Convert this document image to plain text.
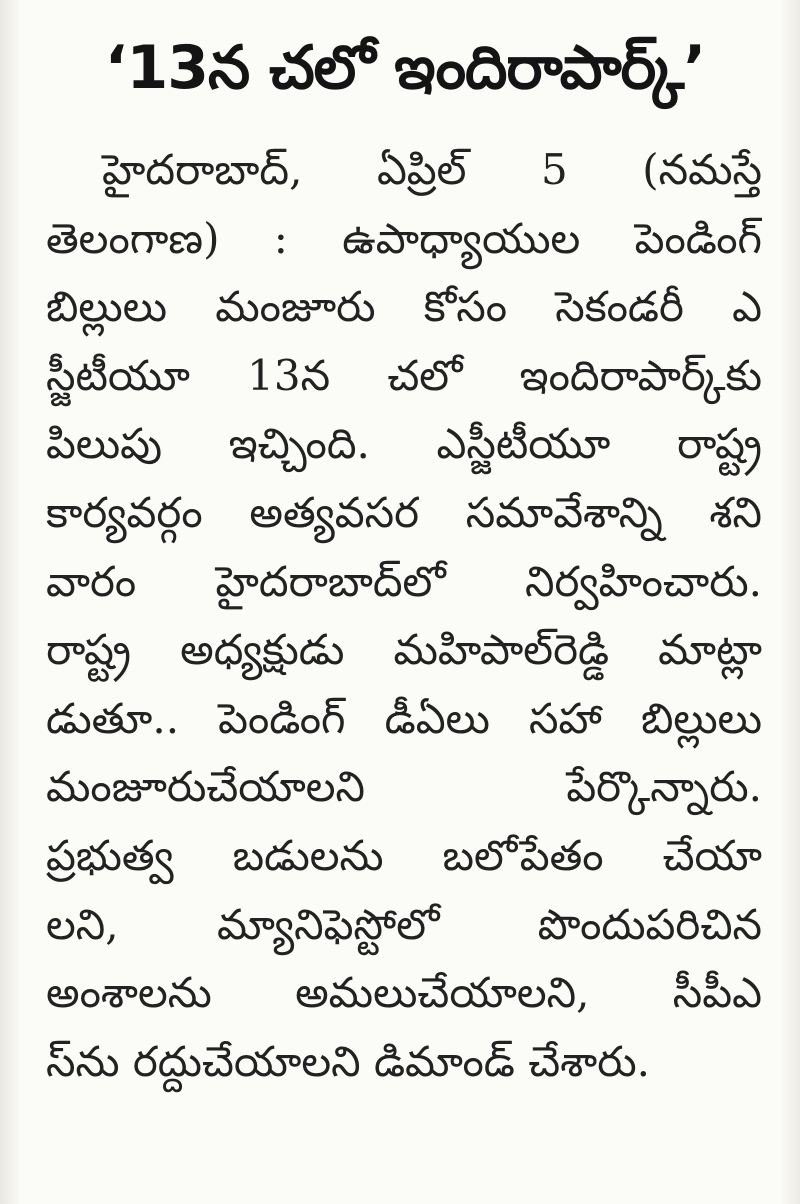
‘13న చలో ఇందిరాపార్క్’
హైదరాబాద్, ఏప్రిల్ 5 (నమస్తే
తెలంగాణ) : ఉపాధ్యాయుల పెండింగ్
బిల్లులు మంజూరు కోసం సెకండరీ ఎ
స్జీటీయూ 13న చలో ఇందిరాపార్క్‌కు
పిలుపు ఇచ్చింది. ఎస్జీటీయూ రాష్ట్ర
కార్యవర్గం అత్యవసర సమావేశాన్ని శని
వారం హైదరాబాద్‌లో నిర్వహించారు.
రాష్ట్ర అధ్యక్షుడు మహిపాల్‌రెడ్డి మాట్లా
డుతూ.. పెండింగ్ డీఏలు సహా బిల్లులు
మంజూరుచేయాలని పేర్కొన్నారు.
ప్రభుత్వ బడులను బలోపేతం చేయా
లని, మ్యానిఫెస్టోలో పొందుపరిచిన
అంశాలను అమలుచేయాలని, సీపీఎ
స్‌ను రద్దుచేయాలని డిమాండ్ చేశారు.
